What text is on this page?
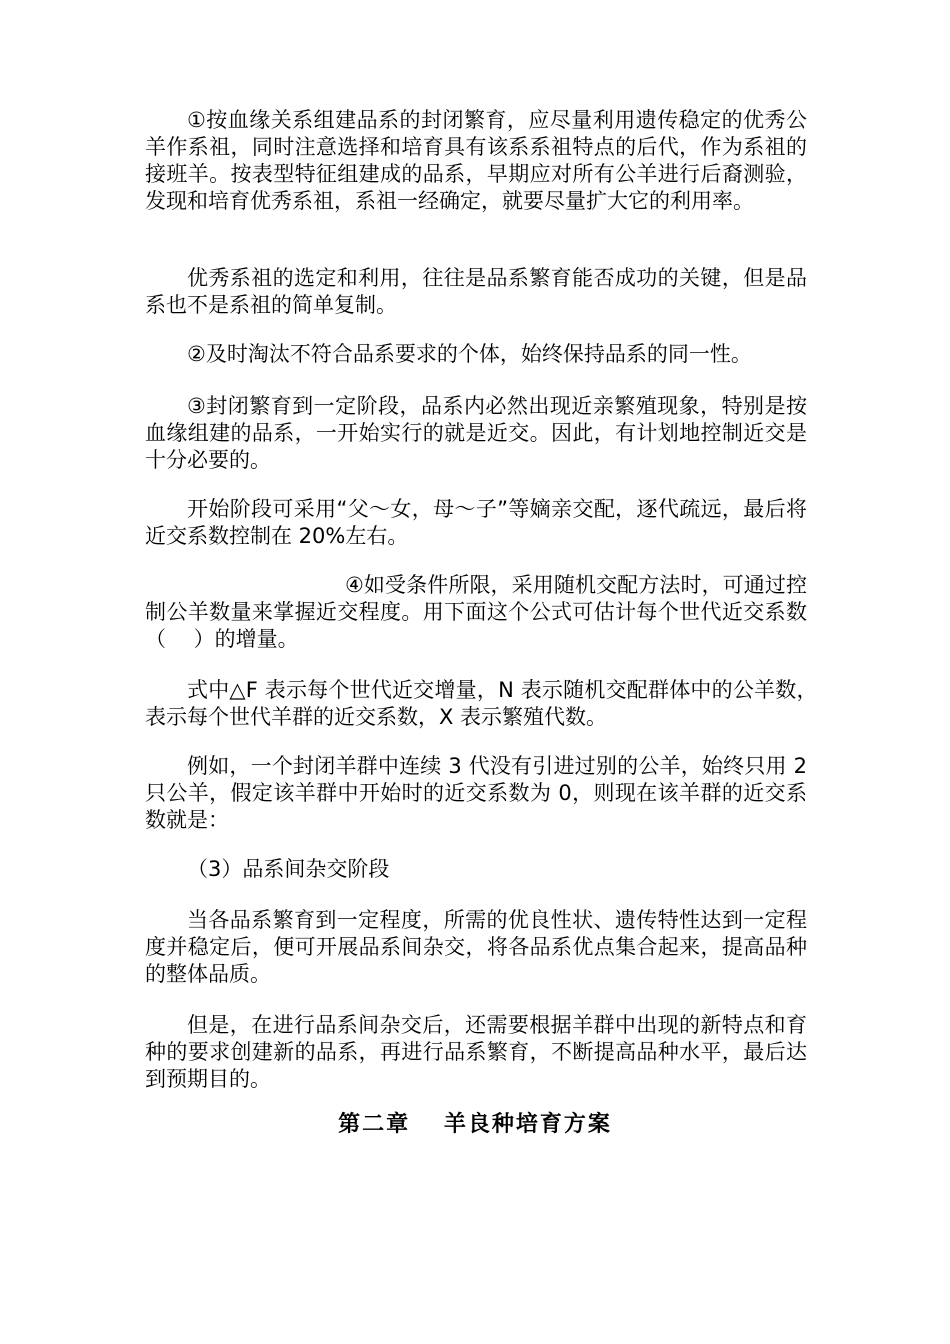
①按血缘关系组建品系的封闭繁育，应尽量利用遗传稳定的优秀公羊作系祖，同时注意选择和培育具有该系系祖特点的后代，作为系祖的接班羊。按表型特征组建成的品系，早期应对所有公羊进行后裔测验，发现和培育优秀系祖，系祖一经确定，就要尽量扩大它的利用率。

优秀系祖的选定和利用，往往是品系繁育能否成功的关键，但是品系也不是系祖的简单复制。

②及时淘汰不符合品系要求的个体，始终保持品系的同一性。

③封闭繁育到一定阶段，品系内必然出现近亲繁殖现象，特别是按血缘组建的品系，一开始实行的就是近交。因此，有计划地控制近交是十分必要的。

开始阶段可采用“父～女，母～子”等嫡亲交配，逐代疏远，最后将近交系数控制在 20%左右。

④如受条件所限，采用随机交配方法时，可通过控制公羊数量来掌握近交程度。用下面这个公式可估计每个世代近交系数（　 ）的增量。

式中△F 表示每个世代近交增量，N 表示随机交配群体中的公羊数，　表示每个世代羊群的近交系数，X 表示繁殖代数。

例如，一个封闭羊群中连续 3 代没有引进过别的公羊，始终只用 2 只公羊，假定该羊群中开始时的近交系数为 0，则现在该羊群的近交系数就是：

（3）品系间杂交阶段

当各品系繁育到一定程度，所需的优良性状、遗传特性达到一定程度并稳定后，便可开展品系间杂交，将各品系优点集合起来，提高品种的整体品质。

但是，在进行品系间杂交后，还需要根据羊群中出现的新特点和育种的要求创建新的品系，再进行品系繁育，不断提高品种水平，最后达到预期目的。

第二章　 羊良种培育方案
